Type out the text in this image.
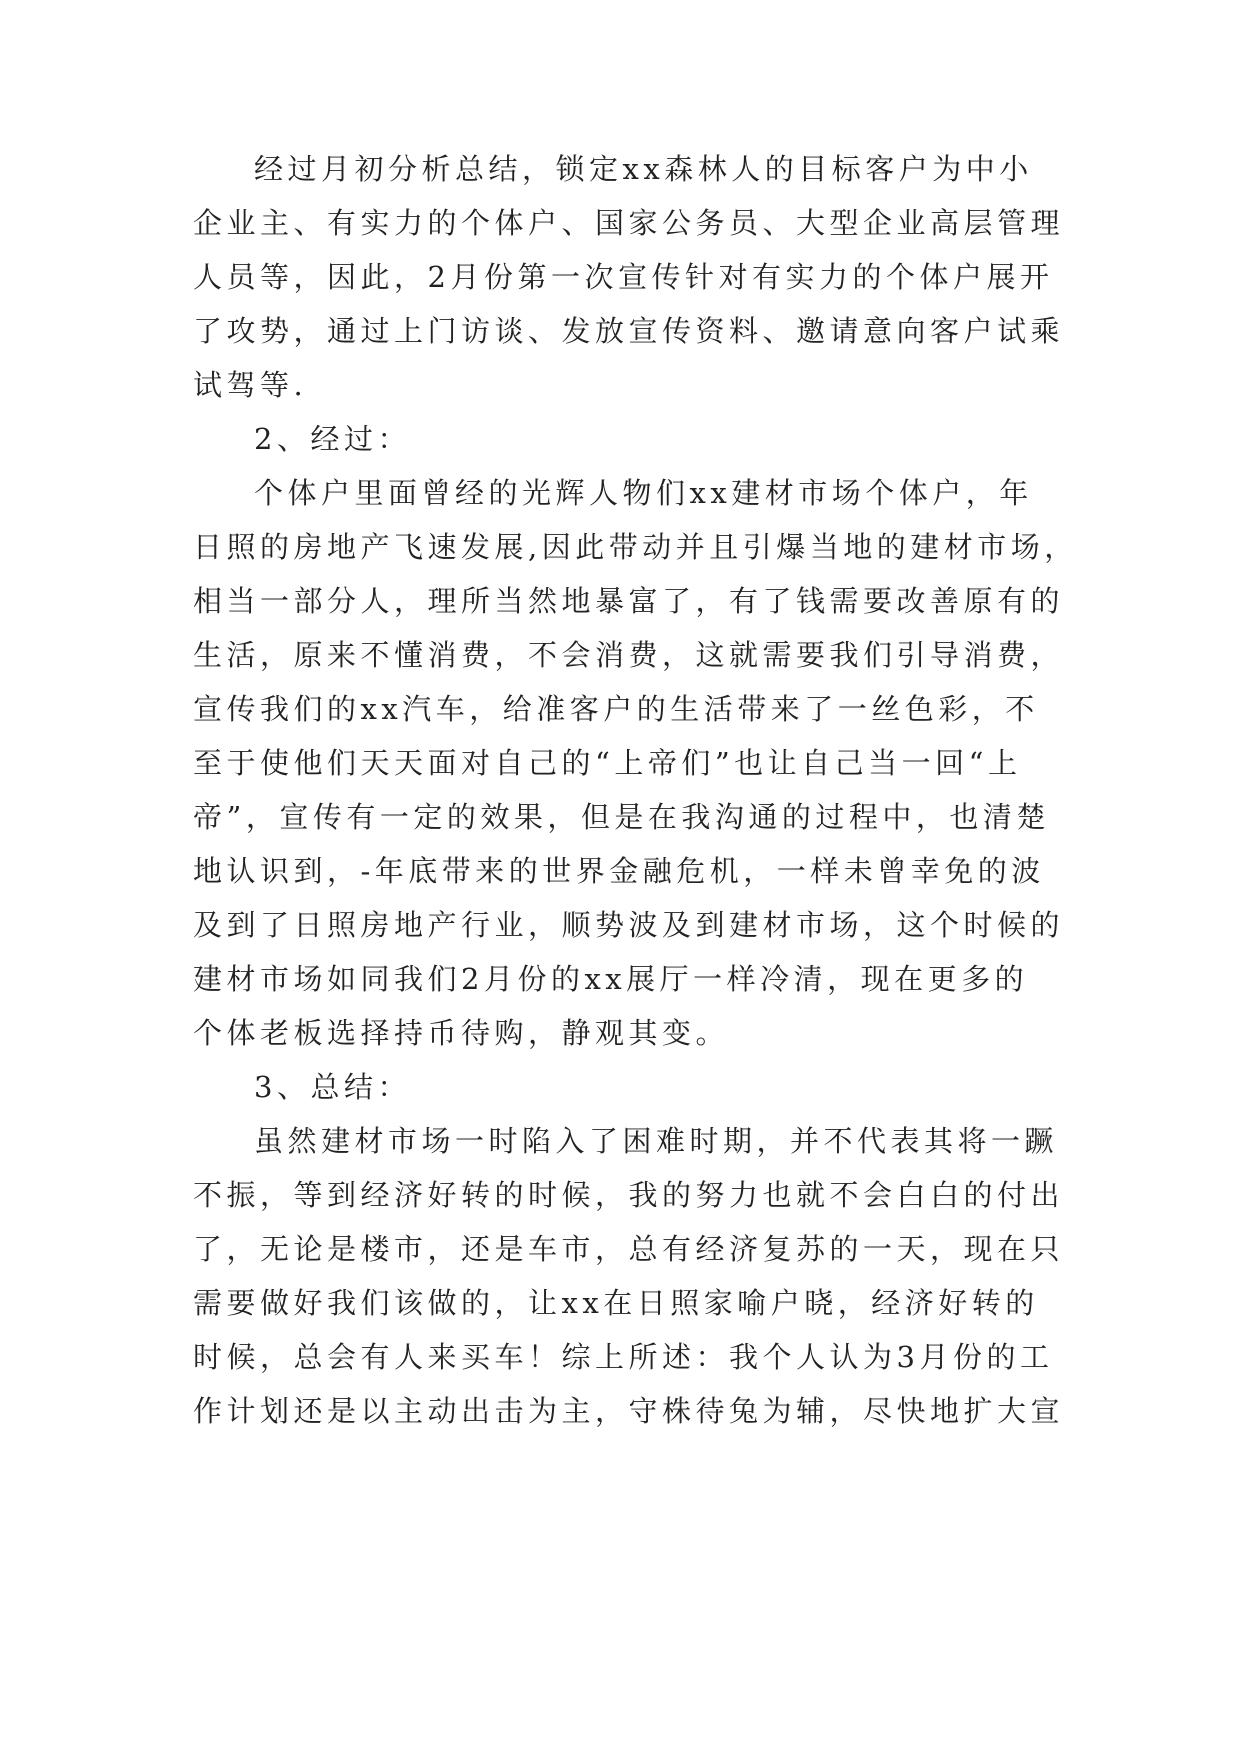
经过月初分析总结，锁定xx森林人的目标客户为中小
企业主、有实力的个体户、国家公务员、大型企业高层管理
人员等，因此，2月份第一次宣传针对有实力的个体户展开
了攻势，通过上门访谈、发放宣传资料、邀请意向客户试乘
试驾等.
2、经过：
个体户里面曾经的光辉人物们xx建材市场个体户，年
日照的房地产飞速发展,因此带动并且引爆当地的建材市场，
相当一部分人，理所当然地暴富了，有了钱需要改善原有的
生活，原来不懂消费，不会消费，这就需要我们引导消费，
宣传我们的xx汽车，给准客户的生活带来了一丝色彩，不
至于使他们天天面对自己的“上帝们”也让自己当一回“上
帝”，宣传有一定的效果，但是在我沟通的过程中，也清楚
地认识到，-年底带来的世界金融危机，一样未曾幸免的波
及到了日照房地产行业，顺势波及到建材市场，这个时候的
建材市场如同我们2月份的xx展厅一样冷清，现在更多的
个体老板选择持币待购，静观其变。
3、总结：
虽然建材市场一时陷入了困难时期，并不代表其将一蹶
不振，等到经济好转的时候，我的努力也就不会白白的付出
了，无论是楼市，还是车市，总有经济复苏的一天，现在只
需要做好我们该做的，让xx在日照家喻户晓，经济好转的
时候，总会有人来买车！综上所述：我个人认为3月份的工
作计划还是以主动出击为主，守株待兔为辅，尽快地扩大宣
